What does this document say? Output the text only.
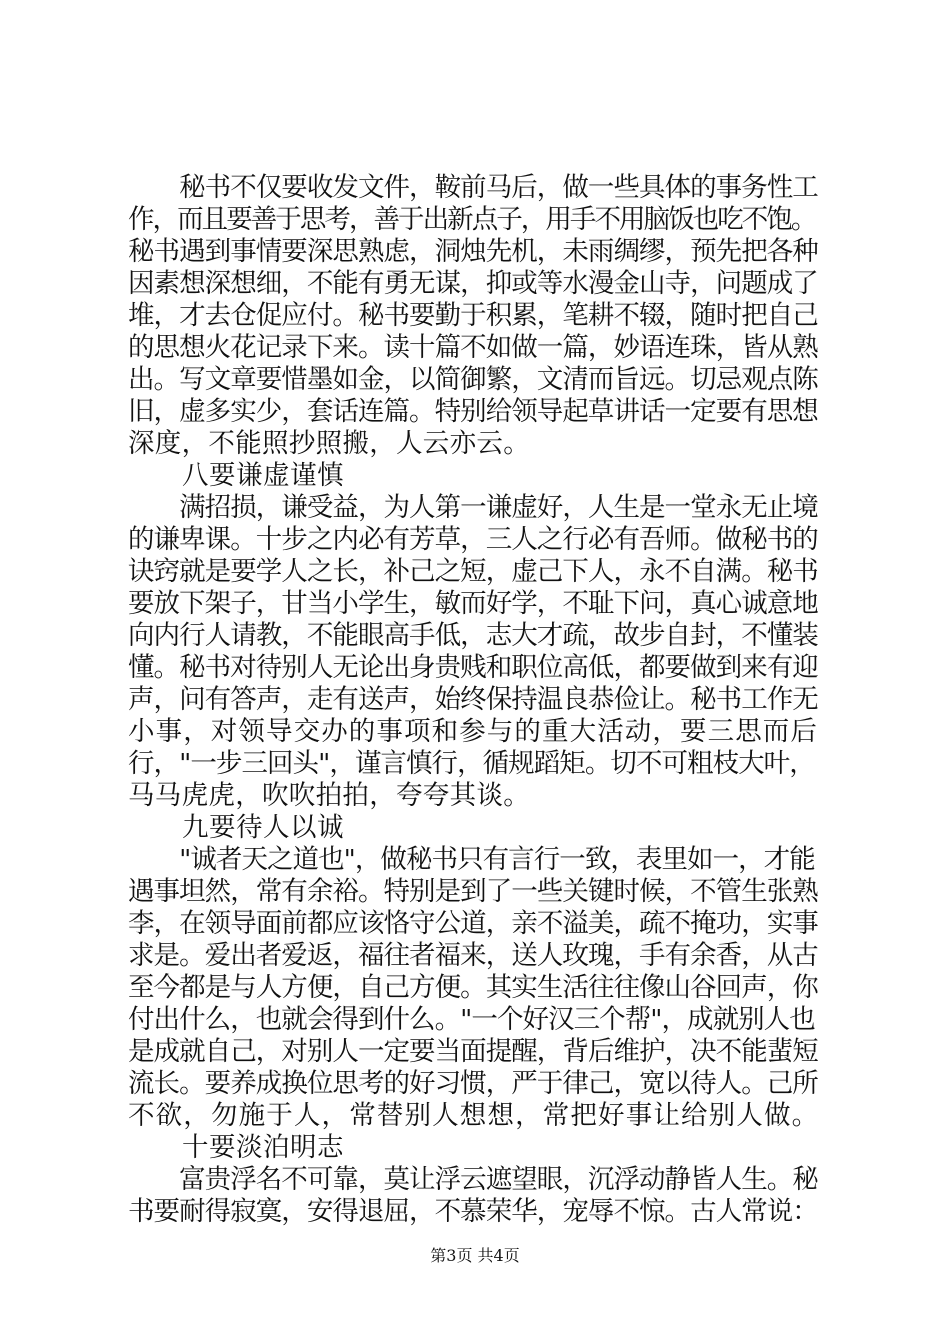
　　秘书不仅要收发文件，鞍前马后，做一些具体的事务性工
作，而且要善于思考，善于出新点子，用手不用脑饭也吃不饱。
秘书遇到事情要深思熟虑，洞烛先机，未雨绸缪，预先把各种
因素想深想细，不能有勇无谋，抑或等水漫金山寺，问题成了
堆，才去仓促应付。秘书要勤于积累，笔耕不辍，随时把自己
的思想火花记录下来。读十篇不如做一篇，妙语连珠，皆从熟
出。写文章要惜墨如金，以简御繁，文清而旨远。切忌观点陈
旧，虚多实少，套话连篇。特别给领导起草讲话一定要有思想
深度，不能照抄照搬，人云亦云。
　　八要谦虚谨慎
　　满招损，谦受益，为人第一谦虚好，人生是一堂永无止境
的谦卑课。十步之内必有芳草，三人之行必有吾师。做秘书的
诀窍就是要学人之长，补己之短，虚己下人，永不自满。秘书
要放下架子，甘当小学生，敏而好学，不耻下问，真心诚意地
向内行人请教，不能眼高手低，志大才疏，故步自封，不懂装
懂。秘书对待别人无论出身贵贱和职位高低，都要做到来有迎
声，问有答声，走有送声，始终保持温良恭俭让。秘书工作无
小事，对领导交办的事项和参与的重大活动，要三思而后
行，"一步三回头"，谨言慎行，循规蹈矩。切不可粗枝大叶，
马马虎虎，吹吹拍拍，夸夸其谈。
　　九要待人以诚
　　"诚者天之道也"，做秘书只有言行一致，表里如一，才能
遇事坦然，常有余裕。特别是到了一些关键时候，不管生张熟
李，在领导面前都应该恪守公道，亲不溢美，疏不掩功，实事
求是。爱出者爱返，福往者福来，送人玫瑰，手有余香，从古
至今都是与人方便，自己方便。其实生活往往像山谷回声，你
付出什么，也就会得到什么。"一个好汉三个帮"，成就别人也
是成就自己，对别人一定要当面提醒，背后维护，决不能蜚短
流长。要养成换位思考的好习惯，严于律己，宽以待人。己所
不欲，勿施于人，常替别人想想，常把好事让给别人做。
　　十要淡泊明志
　　富贵浮名不可靠，莫让浮云遮望眼，沉浮动静皆人生。秘
书要耐得寂寞，安得退屈，不慕荣华，宠辱不惊。古人常说：
第3页 共4页
